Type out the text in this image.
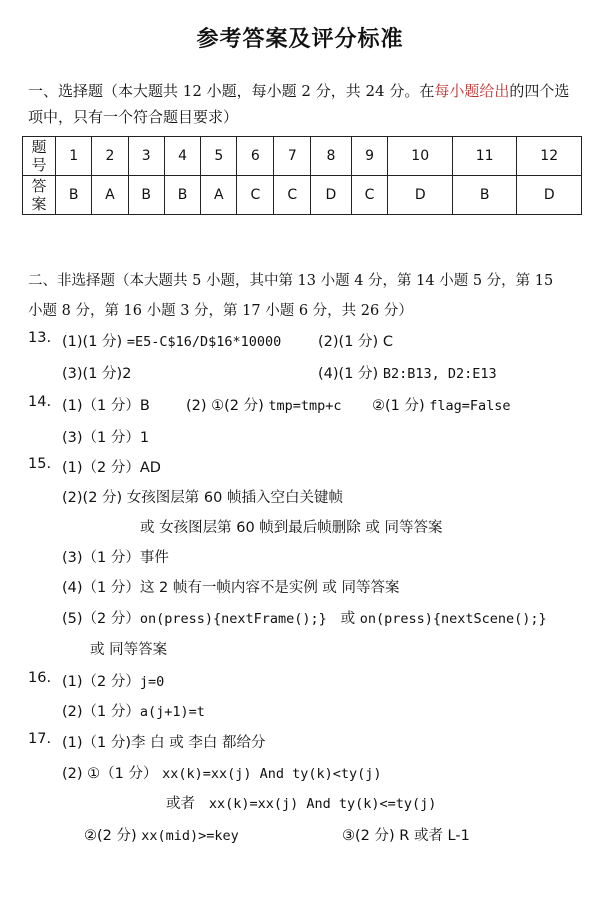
参考答案及评分标准
一、选择题（本大题共 12 小题，每小题 2 分，共 24 分。在每小题给出的四个选
项中，只有一个符合题目要求）
题号	1	2	3	4	5	6	7	8	9	10	11	12
答案	B	A	B	B	A	C	C	D	C	D	B	D
二、非选择题（本大题共 5 小题，其中第 13 小题 4 分，第 14 小题 5 分，第 15
小题 8 分，第 16 小题 3 分，第 17 小题 6 分，共 26 分）
13. (1)(1 分) =E5-C$16/D$16*10000	(2)(1 分) C
(3)(1 分)2	(4)(1 分) B2:B13, D2:E13
14. (1)（1 分）B (2) ①(2 分) tmp=tmp+c ②(1 分) flag=False
(3)（1 分）1
15. (1)（2 分）AD
(2)(2 分) 女孩图层第 60 帧插入空白关键帧
或 女孩图层第 60 帧到最后帧删除 或 同等答案
(3)（1 分）事件
(4)（1 分）这 2 帧有一帧内容不是实例 或 同等答案
(5)（2 分）on(press){nextFrame();} 或 on(press){nextScene();}
或 同等答案
16. (1)（2 分）j=0
(2)（1 分）a(j+1)=t
17. (1)（1 分)李 白 或 李白 都给分
(2) ①（1 分） xx(k)=xx(j) And ty(k)<ty(j)
或者 xx(k)=xx(j) And ty(k)<=ty(j)
②(2 分) xx(mid)>=key	③(2 分) R 或者 L-1
